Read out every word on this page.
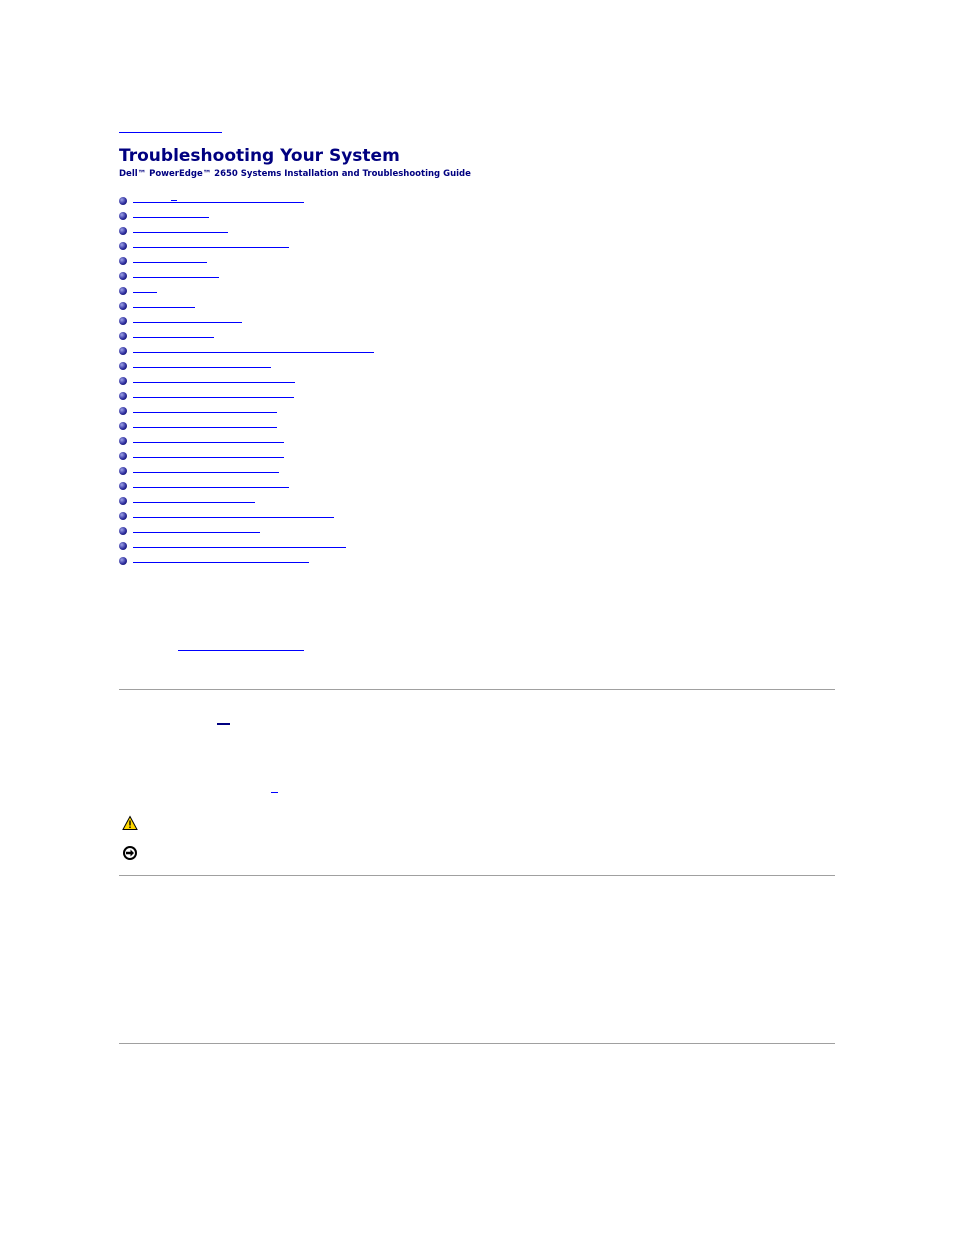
Troubleshooting Your System

Dell™ PowerEdge™ 2650 Systems Installation and Troubleshooting Guide
